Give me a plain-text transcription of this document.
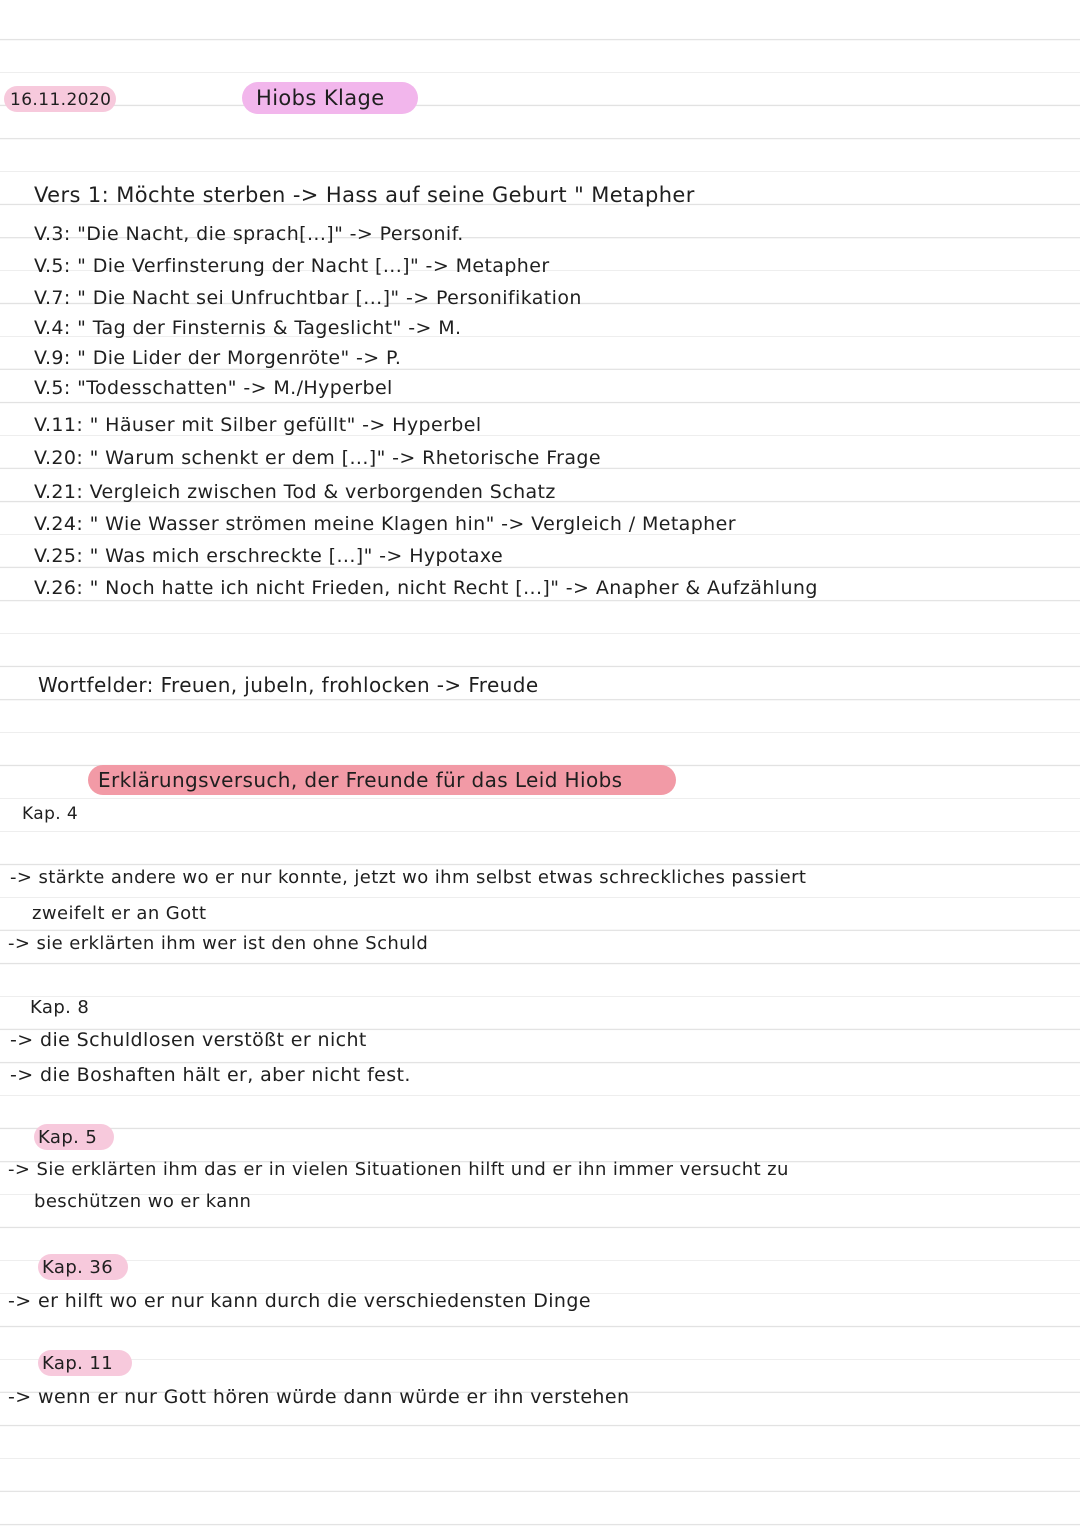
16.11.2020	Hiobs Klage
Vers 1: Möchte sterben -> Hass auf seine Geburt " Metapher
V.3: "Die Nacht, die sprach[...]" -> Personif.
V.5: " Die Verfinsterung der Nacht [...]" -> Metapher
V.7: " Die Nacht sei Unfruchtbar [...]" -> Personifikation
V.4: " Tag der Finsternis & Tageslicht" -> M.
V.9: " Die Lider der Morgenröte" -> P.
V.5: "Todesschatten" -> M./Hyperbel
V.11: " Häuser mit Silber gefüllt" -> Hyperbel
V.20: " Warum schenkt er dem [...]" -> Rhetorische Frage
V.21: Vergleich zwischen Tod & verborgenden Schatz
V.24: " Wie Wasser strömen meine Klagen hin" -> Vergleich / Metapher
V.25: " Was mich erschreckte [...]" -> Hypotaxe
V.26: " Noch hatte ich nicht Frieden, nicht Recht [...]" -> Anapher & Aufzählung
Wortfelder: Freuen, jubeln, frohlocken -> Freude
Erklärungsversuch, der Freunde für das Leid Hiobs
Kap. 4
-> stärkte andere wo er nur konnte, jetzt wo ihm selbst etwas schreckliches passiert
zweifelt er an Gott
-> sie erklärten ihm wer ist den ohne Schuld
Kap. 8
-> die Schuldlosen verstößt er nicht
-> die Boshaften hält er, aber nicht fest.
Kap. 5
-> Sie erklärten ihm das er in vielen Situationen hilft und er ihn immer versucht zu
beschützen wo er kann
Kap. 36
-> er hilft wo er nur kann durch die verschiedensten Dinge
Kap. 11
-> wenn er nur Gott hören würde dann würde er ihn verstehen
